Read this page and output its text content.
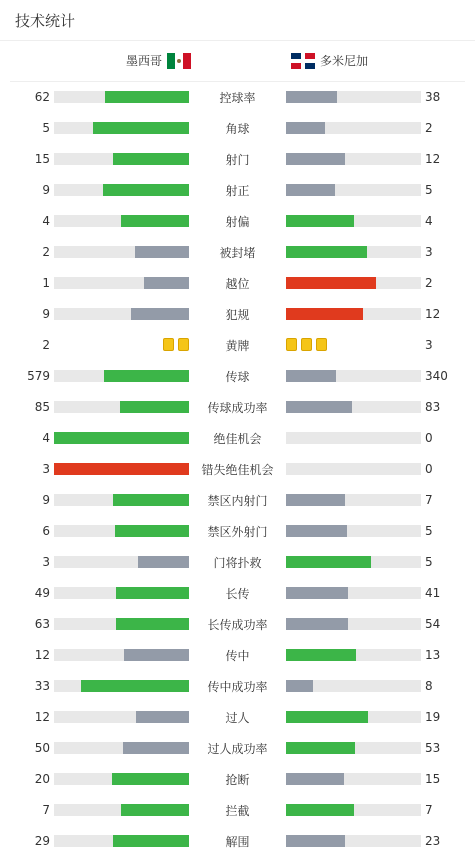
技术统计
墨西哥	多米尼加
62	控球率	38
5	角球	2
15	射门	12
9	射正	5
4	射偏	4
2	被封堵	3
1	越位	2
9	犯规	12
2	黄牌	3
579	传球	340
85	传球成功率	83
4	绝佳机会	0
3	错失绝佳机会	0
9	禁区内射门	7
6	禁区外射门	5
3	门将扑救	5
49	长传	41
63	长传成功率	54
12	传中	13
33	传中成功率	8
12	过人	19
50	过人成功率	53
20	抢断	15
7	拦截	7
29	解围	23
